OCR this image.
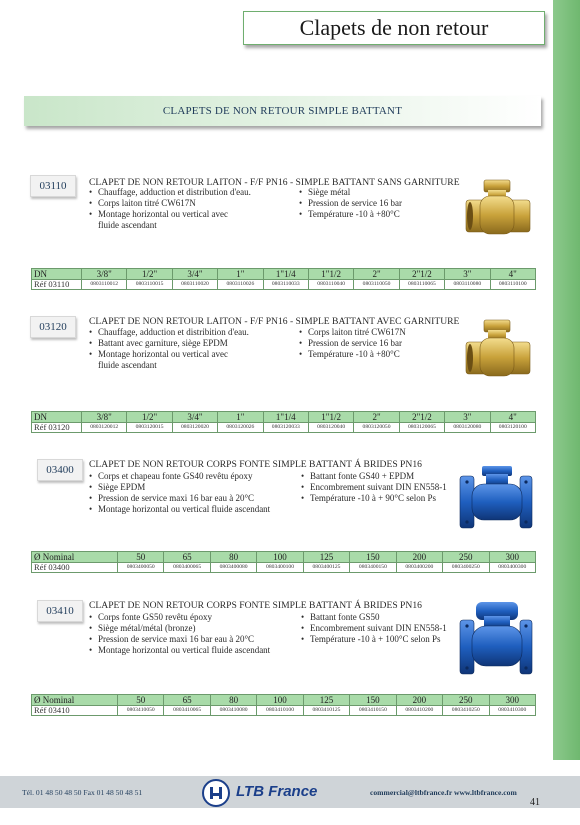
Clapets de non retour
CLAPETS DE NON RETOUR SIMPLE BATTANT
03110	CLAPET DE NON RETOUR LAITON - F/F PN16 - SIMPLE BATTANT SANS GARNITURE
• Chauffage, adduction et distribution d'eau.
• Corps laiton titré CW617N
• Montage horizontal ou vertical avec
fluide ascendant
• Siège métal
• Pression de service 16 bar
• Température -10 à +80°C
DN	3/8"	1/2"	3/4"	1"	1"1/4	1"1/2	2"	2"1/2	3"	4"
Réf 03110	0803110012	0803110015	0803110020	0803110026	0803110033	0803110040	0803110050	0803110065	0803110080	0803110100
03120	CLAPET DE NON RETOUR LAITON - F/F PN16 - SIMPLE BATTANT AVEC GARNITURE
• Chauffage, adduction et distribition d'eau.
• Battant avec garniture, siège EPDM
• Montage horizontal ou vertical avec
fluide ascendant
• Corps laiton titré CW617N
• Pression de service 16 bar
• Température -10 à +80°C
DN	3/8"	1/2"	3/4"	1"	1"1/4	1"1/2	2"	2"1/2	3"	4"
Réf 03120	0803120012	0803120015	0803120020	0803120026	0803120033	0803120040	0803120050	0803120065	0803120080	0803120100
03400	CLAPET DE NON RETOUR CORPS FONTE SIMPLE BATTANT Á BRIDES PN16
• Corps et chapeau fonte GS40 revêtu époxy
• Siège EPDM
• Pression de service maxi 16 bar eau à 20°C
• Montage horizontal ou vertical fluide ascendant
• Battant fonte GS40 + EPDM
• Encombrement suivant DIN EN558-1
• Température -10 à + 90°C selon Ps
Ø Nominal	50	65	80	100	125	150	200	250	300
Réf 03400	0803400050	0803400065	0803400080	0803400100	0803400125	0803400150	0803400200	0803400250	0803400300
03410	CLAPET DE NON RETOUR CORPS FONTE SIMPLE BATTANT Á BRIDES PN16
• Corps fonte GS50 revêtu époxy
• Siège métal/métal (bronze)
• Pression de service maxi 16 bar eau à 20°C
• Montage horizontal ou vertical fluide ascendant
• Battant fonte GS50
• Encombrement suivant DIN EN558-1
• Température -10 à + 100°C selon Ps
Ø Nominal	50	65	80	100	125	150	200	250	300
Réf 03410	0803410050	0803410065	0803410080	0803410100	0803410125	0803410150	0803410200	0803410250	0803410300
Tél. 01 48 50 48 50 Fax 01 48 50 48 51	LTB France	commercial@ltbfrance.fr www.ltbfrance.com
41
